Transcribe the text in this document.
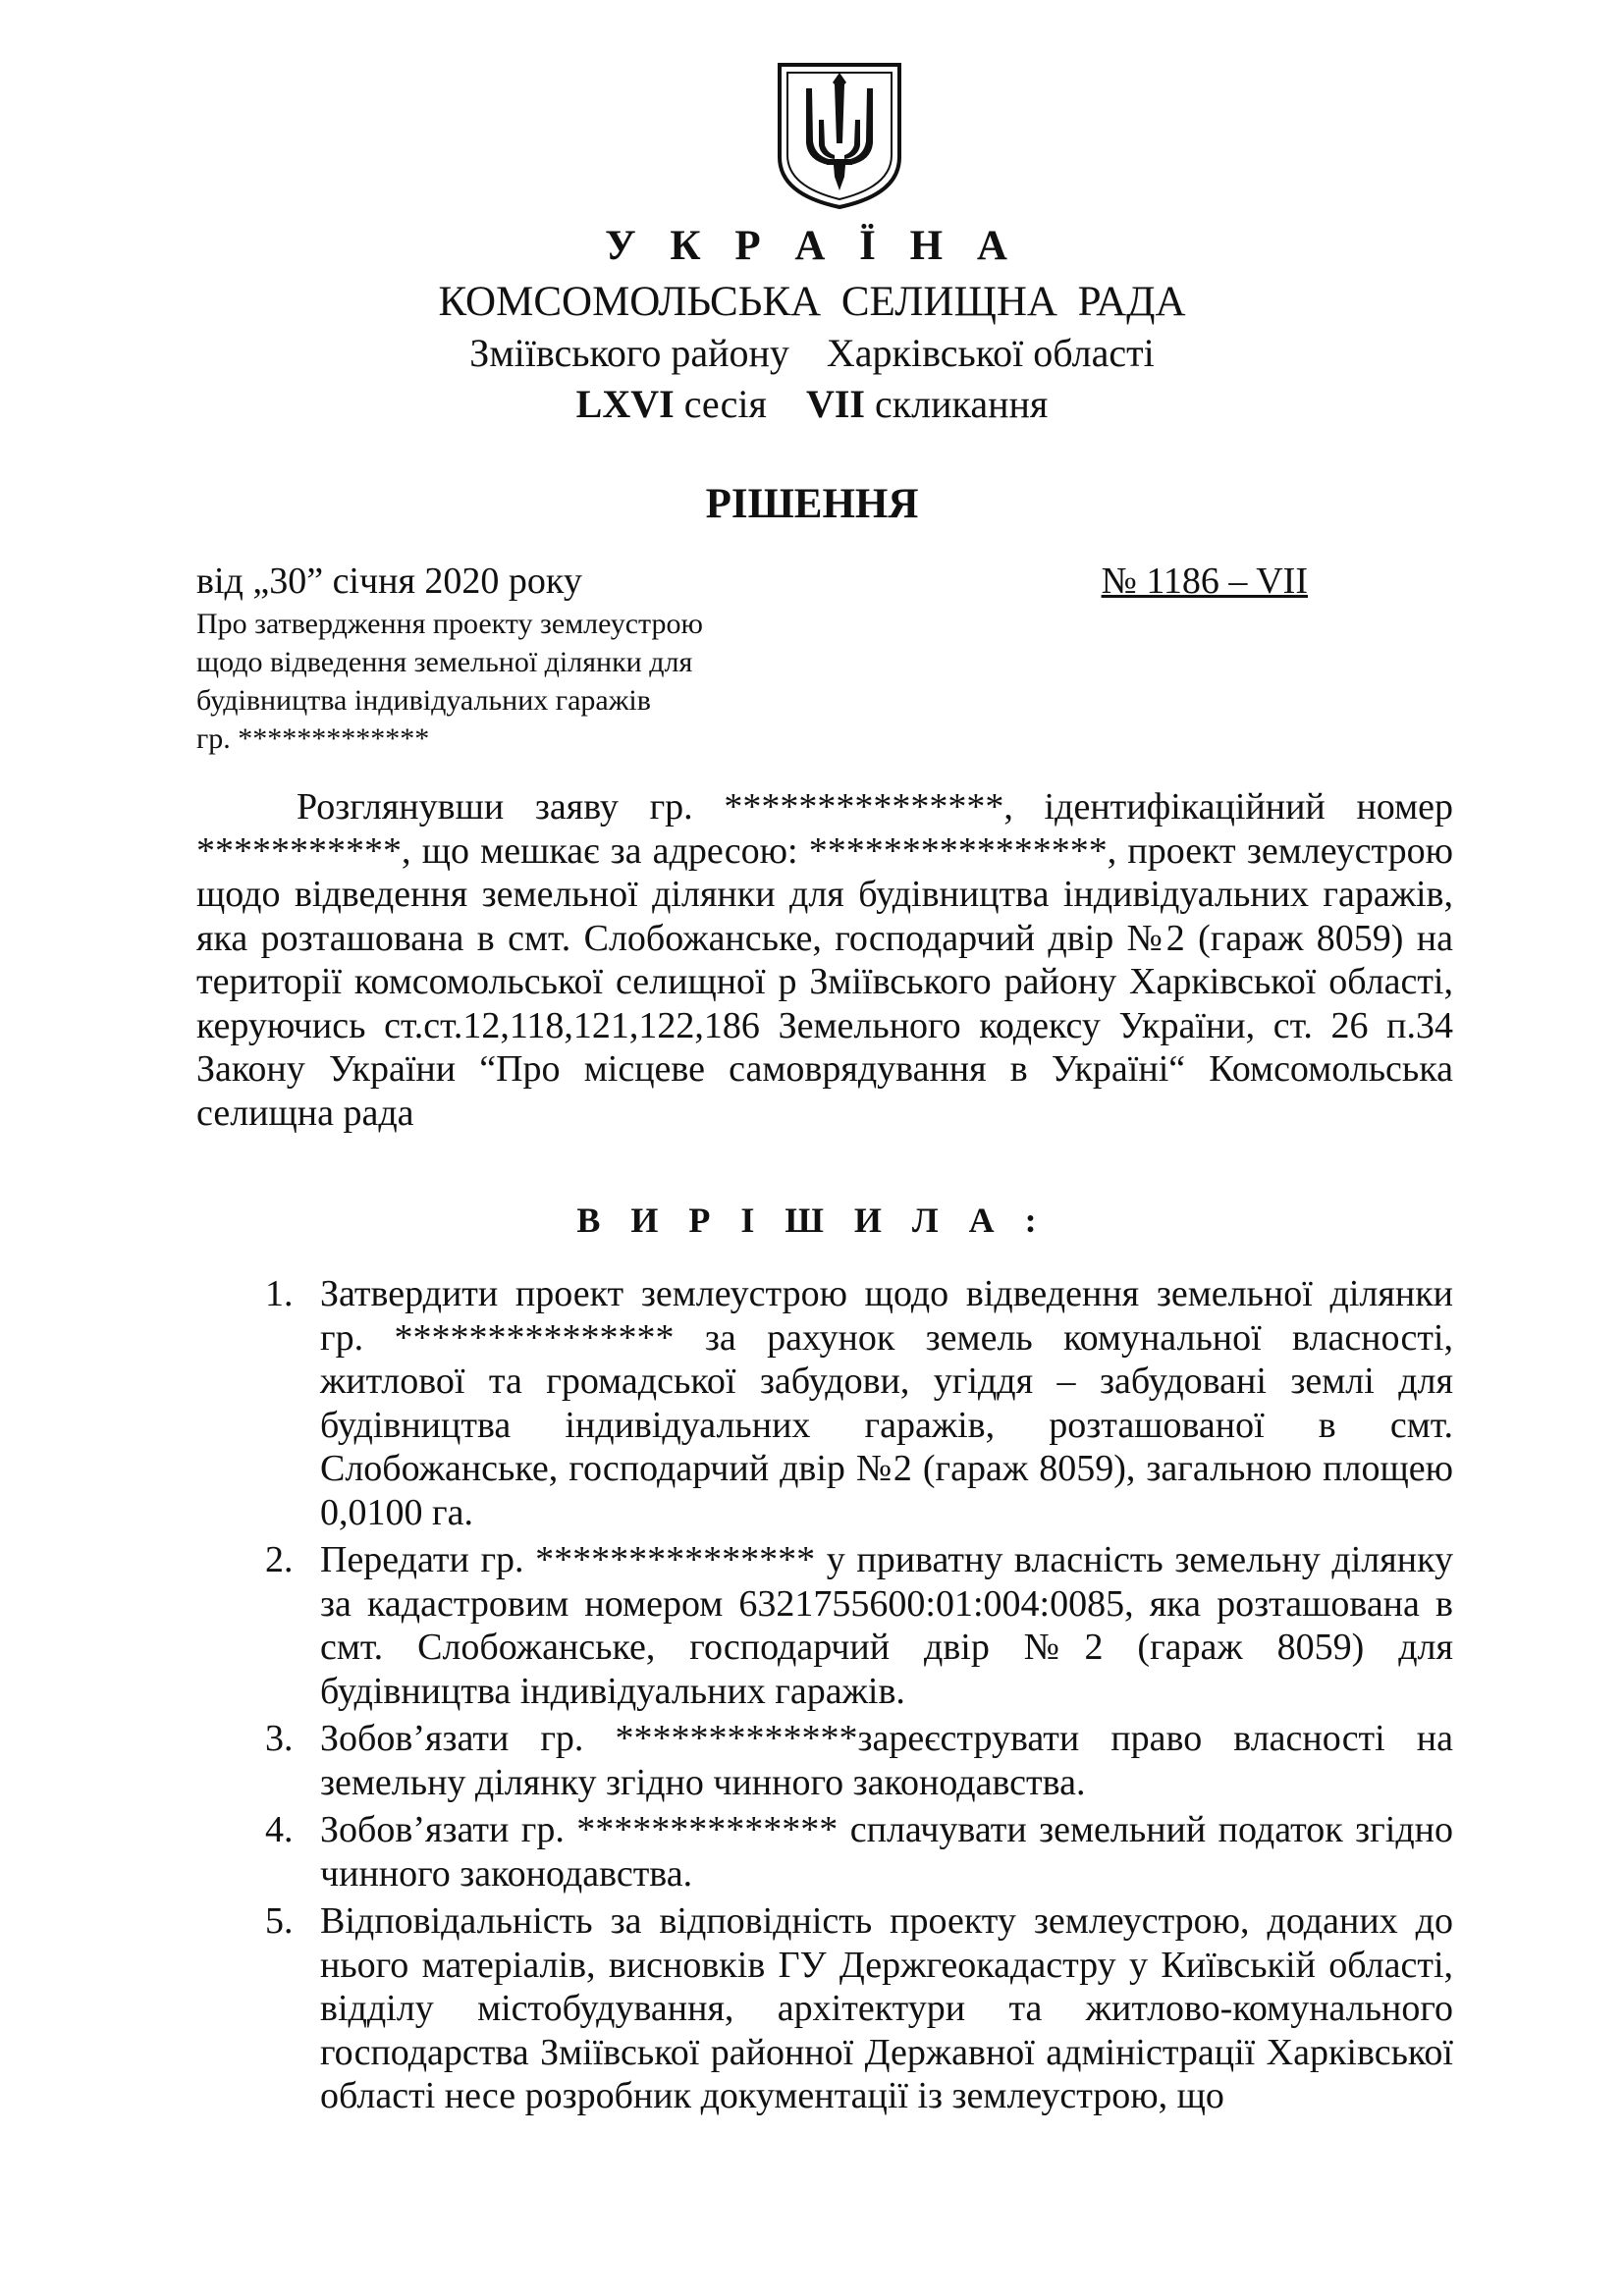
У К Р А Ї Н А
КОМСОМОЛЬСЬКА СЕЛИЩНА РАДА
Зміївського району Харківської області
LXVI сесія VII скликання
РІШЕННЯ
від „30” січня 2020 року	№ 1186 – VII
Про затвердження проекту землеустрою
щодо відведення земельної ділянки для
будівництва індивідуальних гаражів
гр. *************
Розглянувши заяву гр. ***************, ідентифікаційний номер ***********, що мешкає за адресою: ****************, проект землеустрою щодо відведення земельної ділянки для будівництва індивідуальних гаражів, яка розташована в смт. Слобожанське, господарчий двір №2 (гараж 8059) на території комсомольської селищної р Зміївського району Харківської області, керуючись ст.ст.12,118,121,122,186 Земельного кодексу України, ст. 26 п.34 Закону України “Про місцеве самоврядування в Україні“ Комсомольська селищна рада
В И Р І Ш И Л А :
1. Затвердити проект землеустрою щодо відведення земельної ділянки гр. *************** за рахунок земель комунальної власності, житлової та громадської забудови, угіддя – забудовані землі для будівництва індивідуальних гаражів, розташованої в смт. Слобожанське, господарчий двір №2 (гараж 8059), загальною площею 0,0100 га.
2. Передати гр. *************** у приватну власність земельну ділянку за кадастровим номером 6321755600:01:004:0085, яка розташована в смт. Слобожанське, господарчий двір №2 (гараж 8059) для будівництва індивідуальних гаражів.
3. Зобов’язати гр. *************зареєструвати право власності на земельну ділянку згідно чинного законодавства.
4. Зобов’язати гр. ************** сплачувати земельний податок згідно чинного законодавства.
5. Відповідальність за відповідність проекту землеустрою, доданих до нього матеріалів, висновків ГУ Держгеокадастру у Київській області, відділу містобудування, архітектури та житлово-комунального господарства Зміївської районної Державної адміністрації Харківської області несе розробник документації із землеустрою, що
